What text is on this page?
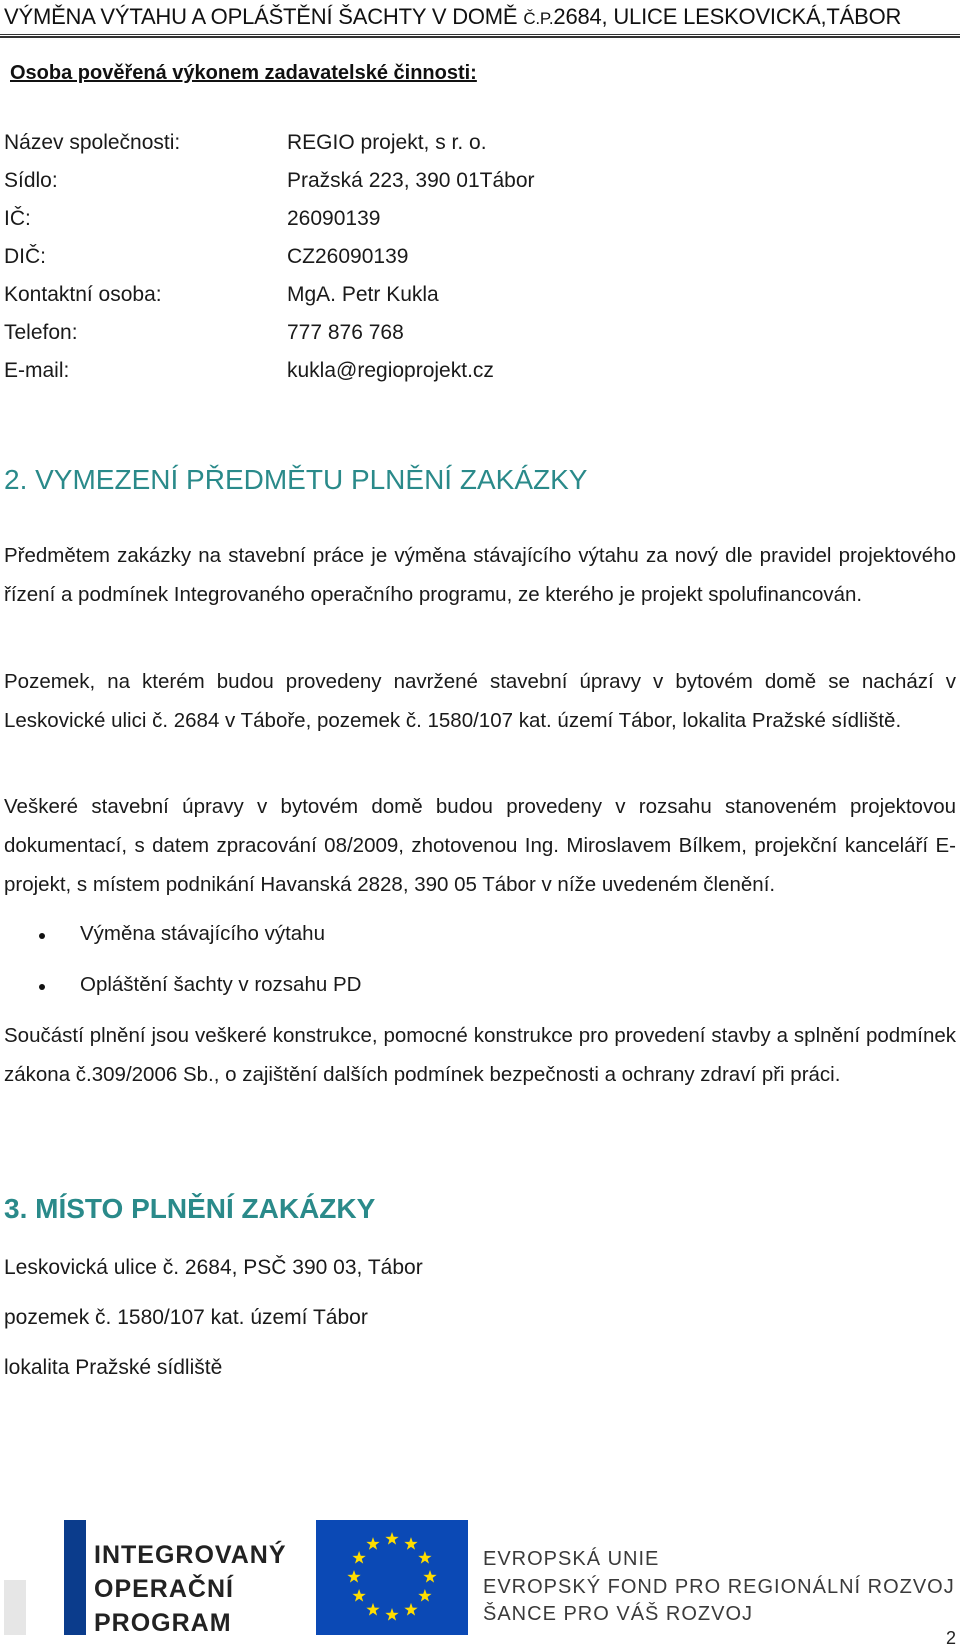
VÝMĚNA VÝTAHU A OPLÁŠTĚNÍ ŠACHTY V DOMĚ Č.P.2684, ULICE LESKOVICKÁ,TÁBOR
Osoba pověřená výkonem zadavatelské činnosti:
Název společnosti:	REGIO projekt, s r. o.
Sídlo:	Pražská 223, 390 01Tábor
IČ:	26090139
DIČ:	CZ26090139
Kontaktní osoba:	MgA. Petr Kukla
Telefon:	777 876 768
E-mail:	kukla@regioprojekt.cz
2. VYMEZENÍ PŘEDMĚTU PLNĚNÍ ZAKÁZKY
Předmětem zakázky na stavební práce je výměna stávajícího výtahu za nový dle pravidel projektového řízení a podmínek Integrovaného operačního programu, ze kterého je projekt spolufinancován.
Pozemek, na kterém budou provedeny navržené stavební úpravy v bytovém domě se nachází v Leskovické ulici č. 2684 v Táboře, pozemek č. 1580/107 kat. území Tábor, lokalita Pražské sídliště.
Veškeré stavební úpravy v bytovém domě budou provedeny v rozsahu stanoveném projektovou dokumentací, s datem zpracování 08/2009, zhotovenou Ing. Miroslavem Bílkem, projekční kanceláří E-projekt, s místem podnikání Havanská 2828, 390 05 Tábor v níže uvedeném členění.
Výměna stávajícího výtahu
Opláštění šachty v rozsahu PD
Součástí plnění jsou veškeré konstrukce, pomocné konstrukce pro provedení stavby a splnění podmínek zákona č.309/2006 Sb., o zajištění dalších podmínek bezpečnosti a ochrany zdraví při práci.
3. MÍSTO PLNĚNÍ ZAKÁZKY
Leskovická ulice č. 2684, PSČ 390 03, Tábor
pozemek č. 1580/107 kat. území Tábor
lokalita Pražské sídliště
INTEGROVANÝ
OPERAČNÍ
PROGRAM
EVROPSKÁ UNIE
EVROPSKÝ FOND PRO REGIONÁLNÍ ROZVOJ
ŠANCE PRO VÁŠ ROZVOJ
2
